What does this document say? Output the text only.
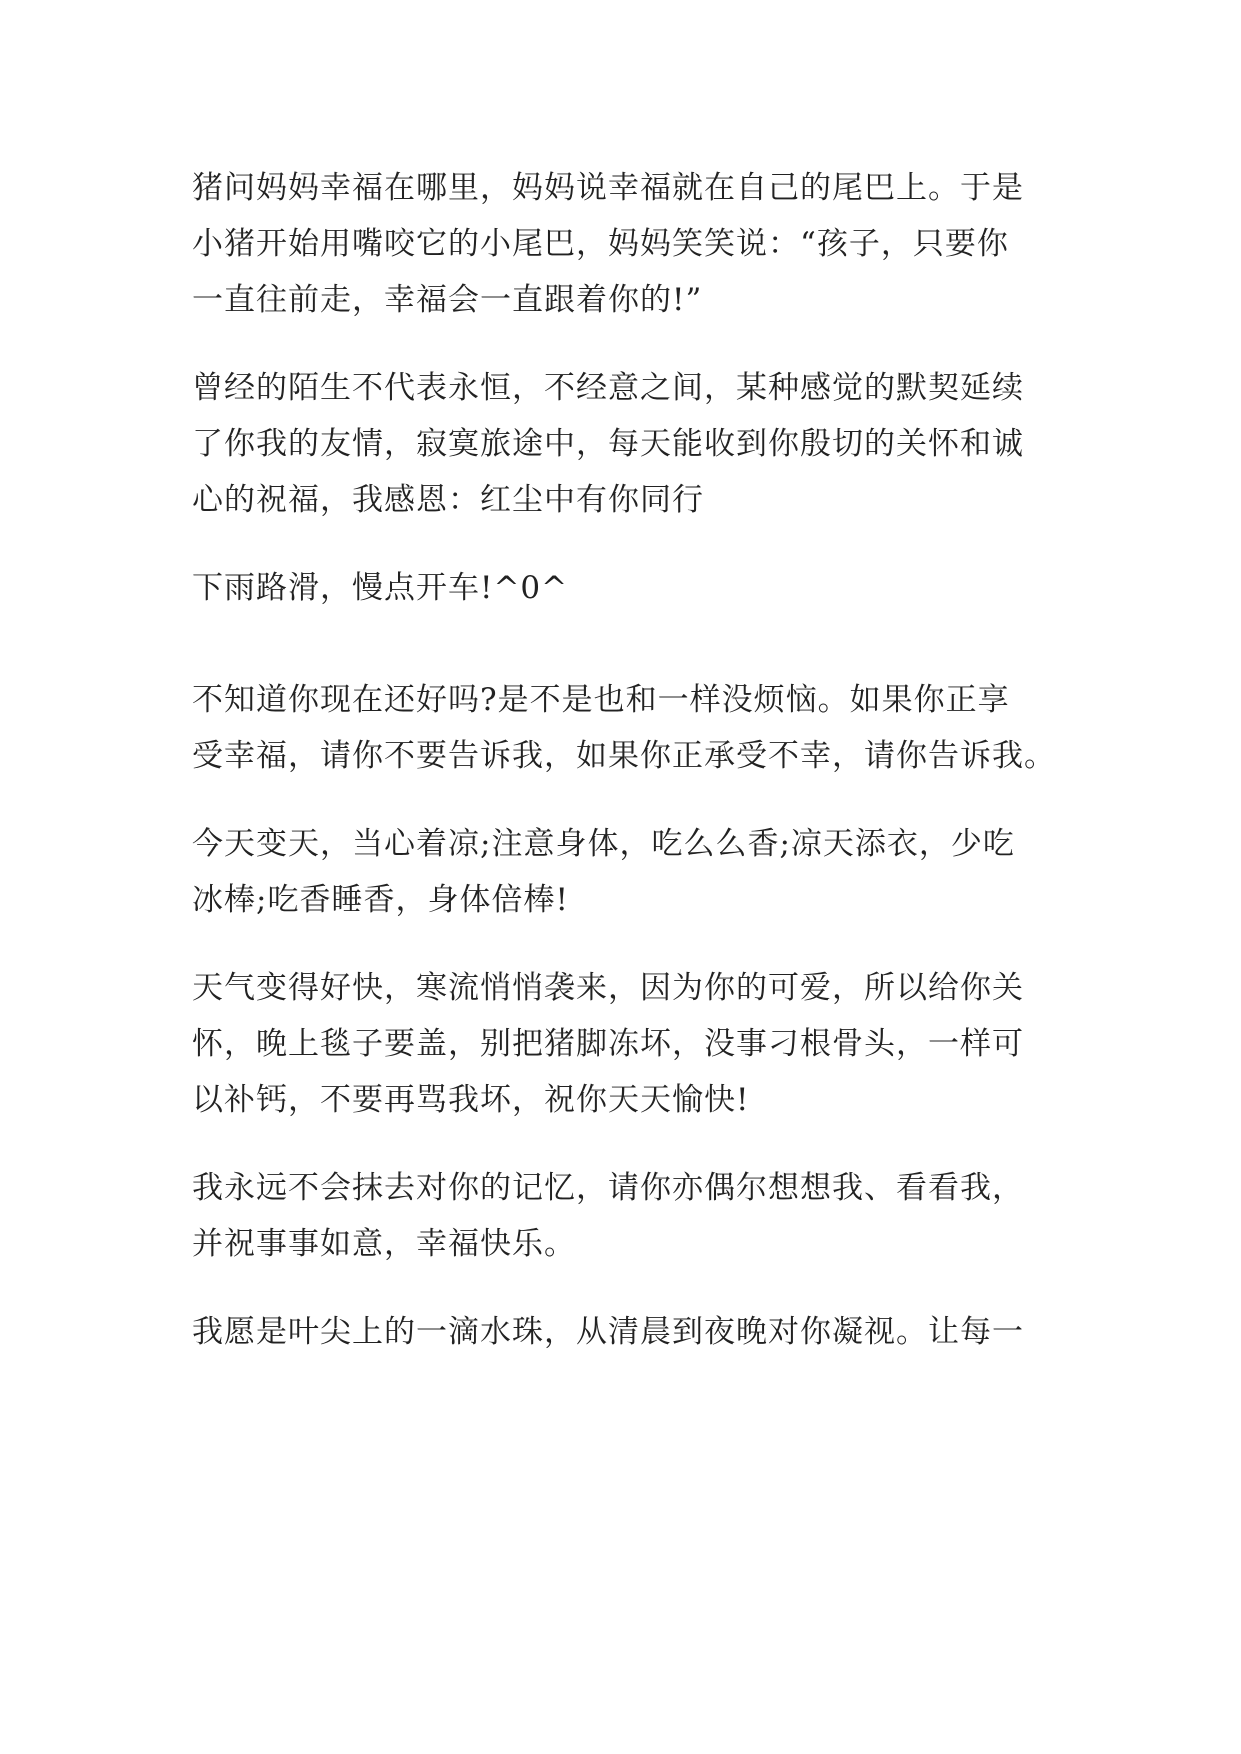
猪问妈妈幸福在哪里，妈妈说幸福就在自己的尾巴上。于是
小猪开始用嘴咬它的小尾巴，妈妈笑笑说：“孩子，只要你
一直往前走，幸福会一直跟着你的!”
曾经的陌生不代表永恒，不经意之间，某种感觉的默契延续
了你我的友情，寂寞旅途中，每天能收到你殷切的关怀和诚
心的祝福，我感恩：红尘中有你同行
下雨路滑，慢点开车!^0^
不知道你现在还好吗?是不是也和一样没烦恼。如果你正享
受幸福，请你不要告诉我，如果你正承受不幸，请你告诉我。
今天变天，当心着凉;注意身体，吃么么香;凉天添衣，少吃
冰棒;吃香睡香，身体倍棒!
天气变得好快，寒流悄悄袭来，因为你的可爱，所以给你关
怀，晚上毯子要盖，别把猪脚冻坏，没事刁根骨头，一样可
以补钙，不要再骂我坏，祝你天天愉快!
我永远不会抹去对你的记忆，请你亦偶尔想想我、看看我，
并祝事事如意，幸福快乐。
我愿是叶尖上的一滴水珠，从清晨到夜晚对你凝视。让每一
